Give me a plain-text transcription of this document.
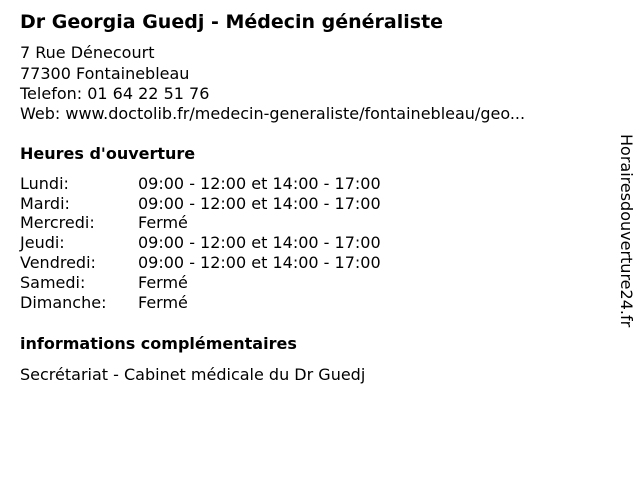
Dr Georgia Guedj - Médecin généraliste
7 Rue Dénecourt
77300 Fontainebleau
Telefon: 01 64 22 51 76
Web: www.doctolib.fr/medecin-generaliste/fontainebleau/geo...
Heures d'ouverture
Lundi:	09:00 - 12:00 et 14:00 - 17:00
Mardi:	09:00 - 12:00 et 14:00 - 17:00
Mercredi:	Fermé
Jeudi:	09:00 - 12:00 et 14:00 - 17:00
Vendredi:	09:00 - 12:00 et 14:00 - 17:00
Samedi:	Fermé
Dimanche: Fermé
informations complémentaires
Secrétariat - Cabinet médicale du Dr Guedj
Horairesdouverture24.fr
